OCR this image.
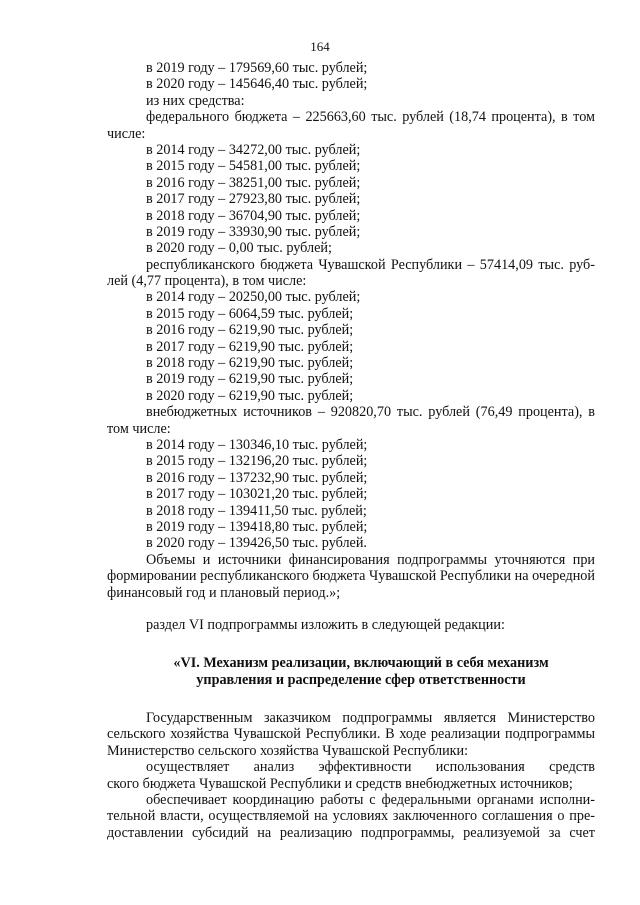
164
в 2019 году – 179569,60 тыс. рублей;
в 2020 году – 145646,40 тыс. рублей;
из них средства:
федерального бюджета – 225663,60 тыс. рублей (18,74 процента), в том
числе:
в 2014 году – 34272,00 тыс. рублей;
в 2015 году – 54581,00 тыс. рублей;
в 2016 году – 38251,00 тыс. рублей;
в 2017 году – 27923,80 тыс. рублей;
в 2018 году – 36704,90 тыс. рублей;
в 2019 году – 33930,90 тыс. рублей;
в 2020 году – 0,00 тыс. рублей;
республиканского бюджета Чувашской Республики – 57414,09 тыс. руб-
лей (4,77 процента), в том числе:
в 2014 году – 20250,00 тыс. рублей;
в 2015 году – 6064,59 тыс. рублей;
в 2016 году – 6219,90 тыс. рублей;
в 2017 году – 6219,90 тыс. рублей;
в 2018 году – 6219,90 тыс. рублей;
в 2019 году – 6219,90 тыс. рублей;
в 2020 году – 6219,90 тыс. рублей;
внебюджетных источников – 920820,70 тыс. рублей (76,49 процента), в
том числе:
в 2014 году – 130346,10 тыс. рублей;
в 2015 году – 132196,20 тыс. рублей;
в 2016 году – 137232,90 тыс. рублей;
в 2017 году – 103021,20 тыс. рублей;
в 2018 году – 139411,50 тыс. рублей;
в 2019 году – 139418,80 тыс. рублей;
в 2020 году – 139426,50 тыс. рублей.
Объемы и источники финансирования подпрограммы уточняются при
формировании республиканского бюджета Чувашской Республики на очередной
финансовый год и плановый период.»;
раздел VI подпрограммы изложить в следующей редакции:
«VI. Механизм реализации, включающий в себя механизм
управления и распределение сфер ответственности
Государственным заказчиком подпрограммы является Министерство
сельского хозяйства Чувашской Республики. В ходе реализации подпрограммы
Министерство сельского хозяйства Чувашской Республики:
осуществляет анализ эффективности использования средств
ского бюджета Чувашской Республики и средств внебюджетных источников;
обеспечивает координацию работы с федеральными органами исполни-
тельной власти, осуществляемой на условиях заключенного соглашения о пре-
доставлении субсидий на реализацию подпрограммы, реализуемой за счет
